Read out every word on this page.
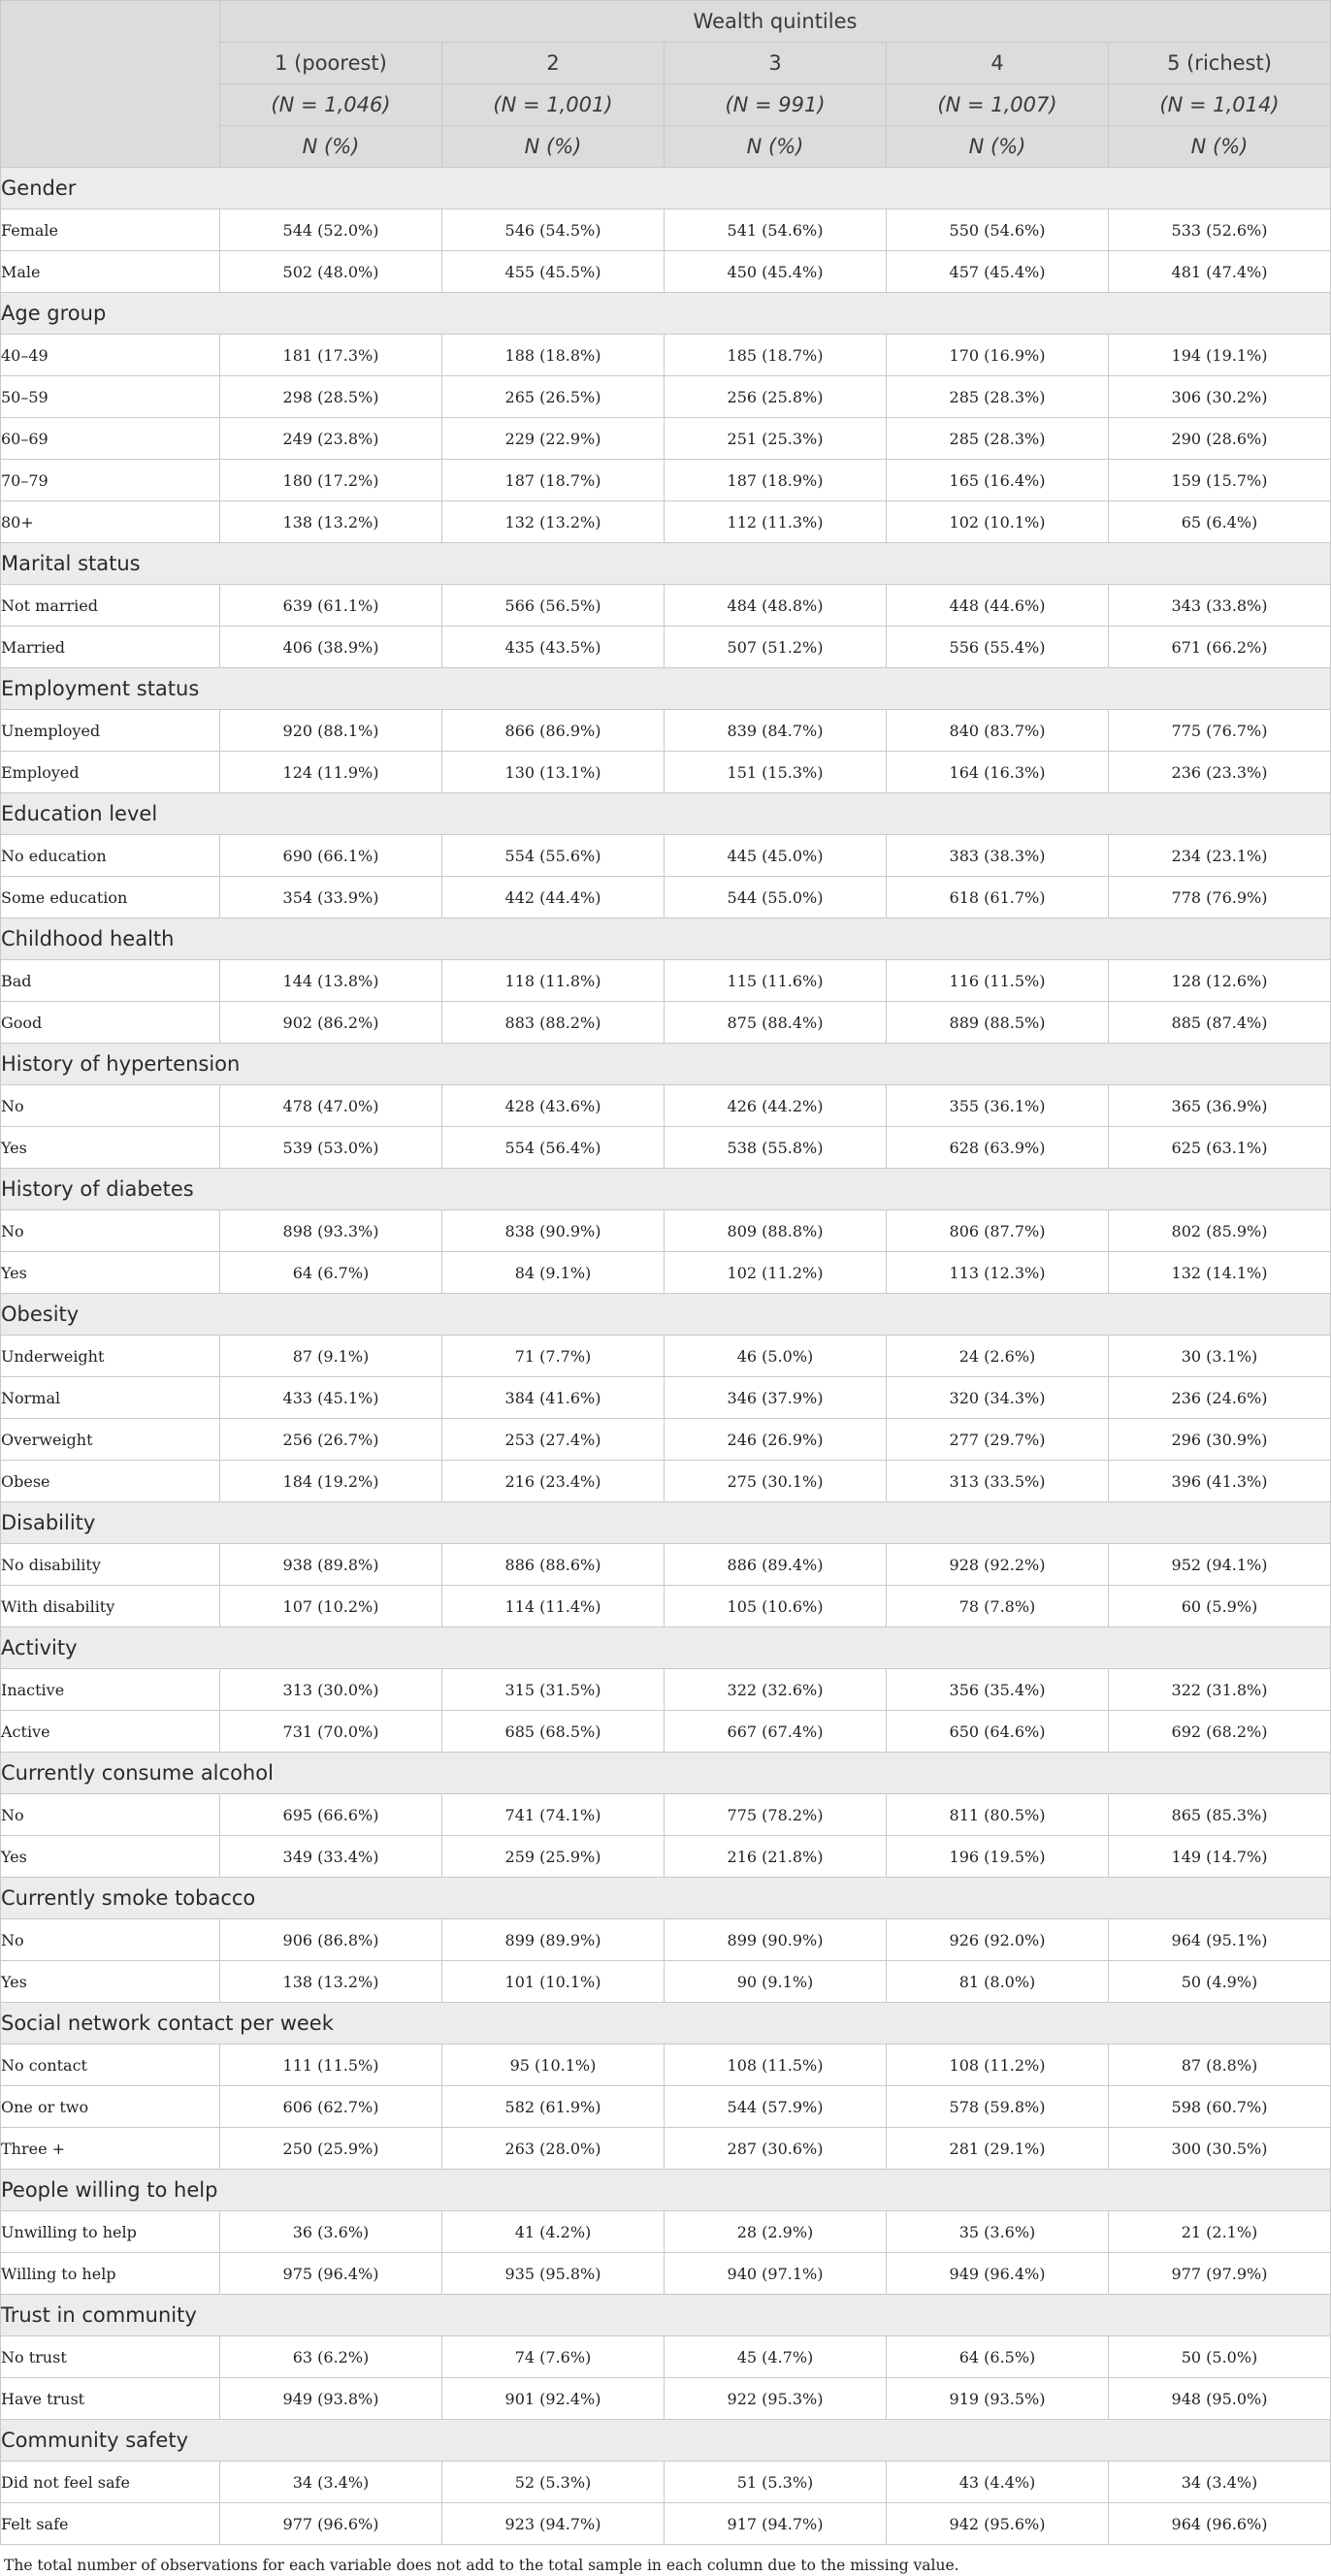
	Wealth quintiles				
	1 (poorest)	2	3	4	5 (richest)
	(N = 1,046)	(N = 1,001)	(N = 991)	(N = 1,007)	(N = 1,014)
	N (%)	N (%)	N (%)	N (%)	N (%)
Gender					
Female	544 (52.0%)	546 (54.5%)	541 (54.6%)	550 (54.6%)	533 (52.6%)
Male	502 (48.0%)	455 (45.5%)	450 (45.4%)	457 (45.4%)	481 (47.4%)
Age group					
40–49	181 (17.3%)	188 (18.8%)	185 (18.7%)	170 (16.9%)	194 (19.1%)
50–59	298 (28.5%)	265 (26.5%)	256 (25.8%)	285 (28.3%)	306 (30.2%)
60–69	249 (23.8%)	229 (22.9%)	251 (25.3%)	285 (28.3%)	290 (28.6%)
70–79	180 (17.2%)	187 (18.7%)	187 (18.9%)	165 (16.4%)	159 (15.7%)
80+	138 (13.2%)	132 (13.2%)	112 (11.3%)	102 (10.1%)	65 (6.4%)
Marital status					
Not married	639 (61.1%)	566 (56.5%)	484 (48.8%)	448 (44.6%)	343 (33.8%)
Married	406 (38.9%)	435 (43.5%)	507 (51.2%)	556 (55.4%)	671 (66.2%)
Employment status					
Unemployed	920 (88.1%)	866 (86.9%)	839 (84.7%)	840 (83.7%)	775 (76.7%)
Employed	124 (11.9%)	130 (13.1%)	151 (15.3%)	164 (16.3%)	236 (23.3%)
Education level					
No education	690 (66.1%)	554 (55.6%)	445 (45.0%)	383 (38.3%)	234 (23.1%)
Some education	354 (33.9%)	442 (44.4%)	544 (55.0%)	618 (61.7%)	778 (76.9%)
Childhood health					
Bad	144 (13.8%)	118 (11.8%)	115 (11.6%)	116 (11.5%)	128 (12.6%)
Good	902 (86.2%)	883 (88.2%)	875 (88.4%)	889 (88.5%)	885 (87.4%)
History of hypertension					
No	478 (47.0%)	428 (43.6%)	426 (44.2%)	355 (36.1%)	365 (36.9%)
Yes	539 (53.0%)	554 (56.4%)	538 (55.8%)	628 (63.9%)	625 (63.1%)
History of diabetes					
No	898 (93.3%)	838 (90.9%)	809 (88.8%)	806 (87.7%)	802 (85.9%)
Yes	64 (6.7%)	84 (9.1%)	102 (11.2%)	113 (12.3%)	132 (14.1%)
Obesity					
Underweight	87 (9.1%)	71 (7.7%)	46 (5.0%)	24 (2.6%)	30 (3.1%)
Normal	433 (45.1%)	384 (41.6%)	346 (37.9%)	320 (34.3%)	236 (24.6%)
Overweight	256 (26.7%)	253 (27.4%)	246 (26.9%)	277 (29.7%)	296 (30.9%)
Obese	184 (19.2%)	216 (23.4%)	275 (30.1%)	313 (33.5%)	396 (41.3%)
Disability					
No disability	938 (89.8%)	886 (88.6%)	886 (89.4%)	928 (92.2%)	952 (94.1%)
With disability	107 (10.2%)	114 (11.4%)	105 (10.6%)	78 (7.8%)	60 (5.9%)
Activity					
Inactive	313 (30.0%)	315 (31.5%)	322 (32.6%)	356 (35.4%)	322 (31.8%)
Active	731 (70.0%)	685 (68.5%)	667 (67.4%)	650 (64.6%)	692 (68.2%)
Currently consume alcohol					
No	695 (66.6%)	741 (74.1%)	775 (78.2%)	811 (80.5%)	865 (85.3%)
Yes	349 (33.4%)	259 (25.9%)	216 (21.8%)	196 (19.5%)	149 (14.7%)
Currently smoke tobacco					
No	906 (86.8%)	899 (89.9%)	899 (90.9%)	926 (92.0%)	964 (95.1%)
Yes	138 (13.2%)	101 (10.1%)	90 (9.1%)	81 (8.0%)	50 (4.9%)
Social network contact per week					
No contact	111 (11.5%)	95 (10.1%)	108 (11.5%)	108 (11.2%)	87 (8.8%)
One or two	606 (62.7%)	582 (61.9%)	544 (57.9%)	578 (59.8%)	598 (60.7%)
Three +	250 (25.9%)	263 (28.0%)	287 (30.6%)	281 (29.1%)	300 (30.5%)
People willing to help					
Unwilling to help	36 (3.6%)	41 (4.2%)	28 (2.9%)	35 (3.6%)	21 (2.1%)
Willing to help	975 (96.4%)	935 (95.8%)	940 (97.1%)	949 (96.4%)	977 (97.9%)
Trust in community					
No trust	63 (6.2%)	74 (7.6%)	45 (4.7%)	64 (6.5%)	50 (5.0%)
Have trust	949 (93.8%)	901 (92.4%)	922 (95.3%)	919 (93.5%)	948 (95.0%)
Community safety					
Did not feel safe	34 (3.4%)	52 (5.3%)	51 (5.3%)	43 (4.4%)	34 (3.4%)
Felt safe	977 (96.6%)	923 (94.7%)	917 (94.7%)	942 (95.6%)	964 (96.6%)
The total number of observations for each variable does not add to the total sample in each column due to the missing value.
